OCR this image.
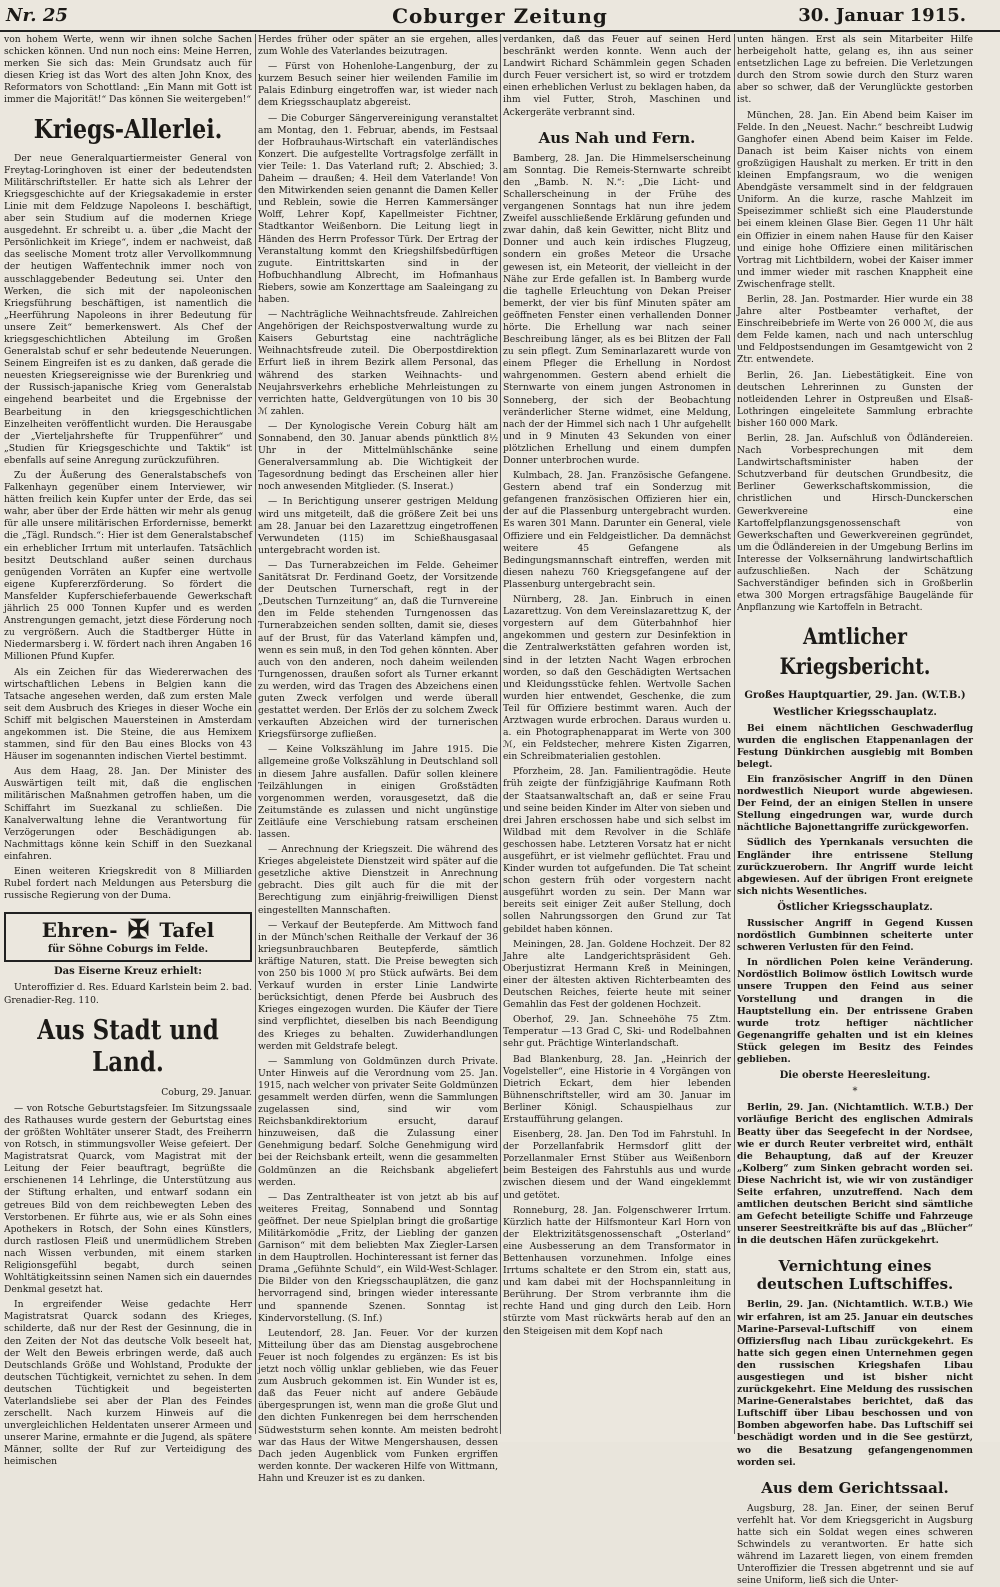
Nr. 25	Coburger Zeitung	30. Januar 1915.

von hohem Werte, wenn wir ihnen solche Sachen schicken können. Und nun noch eins: Meine Herren, merken Sie sich das: Mein Grundsatz auch für diesen Krieg ist das Wort des alten John Knox, des Reformators von Schottland: „Ein Mann mit Gott ist immer die Majorität!“ Das können Sie weitergeben!“

Kriegs-Allerlei.

Der neue Generalquartiermeister General von Freytag-Loringhoven ist einer der bedeutendsten Militärschriftsteller. Er hatte sich als Lehrer der Kriegsgeschichte auf der Kriegsakademie in erster Linie mit dem Feldzuge Napoleons I. beschäftigt, aber sein Studium auf die modernen Kriege ausgedehnt. Er schreibt u. a. über „die Macht der Persönlichkeit im Kriege“, indem er nachweist, daß das seelische Moment trotz aller Vervollkommnung der heutigen Waffentechnik immer noch von ausschlaggebender Bedeutung sei. Unter den Werken, die sich mit der napoleonischen Kriegsführung beschäftigen, ist namentlich die „Heerführung Napoleons in ihrer Bedeutung für unsere Zeit“ bemerkenswert. Als Chef der kriegsgeschichtlichen Abteilung im Großen Generalstab schuf er sehr bedeutende Neuerungen. Seinem Eingreifen ist es zu danken, daß gerade die neuesten Kriegsereignisse wie der Burenkrieg und der Russisch-japanische Krieg vom Generalstab eingehend bearbeitet und die Ergebnisse der Bearbeitung in den kriegsgeschichtlichen Einzelheiten veröffentlicht wurden. Die Herausgabe der „Vierteljahrshefte für Truppenführer“ und „Studien für Kriegsgeschichte und Taktik“ ist ebenfalls auf seine Anregung zurückzuführen.

Zu der Äußerung des Generalstabschefs von Falkenhayn gegenüber einem Interviewer, wir hätten freilich kein Kupfer unter der Erde, das sei wahr, aber über der Erde hätten wir mehr als genug für alle unsere militärischen Erfordernisse, bemerkt die „Tägl. Rundsch.“: Hier ist dem Generalstabschef ein erheblicher Irrtum mit unterlaufen. Tatsächlich besitzt Deutschland außer seinen durchaus genügenden Vorräten an Kupfer eine wertvolle eigene Kupfererzförderung. So fördert die Mansfelder Kupferschieferbauende Gewerkschaft jährlich 25 000 Tonnen Kupfer und es werden Anstrengungen gemacht, jetzt diese Förderung noch zu vergrößern. Auch die Stadtberger Hütte in Niedermarsberg i. W. fördert nach ihren Angaben 16 Millionen Pfund Kupfer.

Als ein Zeichen für das Wiedererwachen des wirtschaftlichen Lebens in Belgien kann die Tatsache angesehen werden, daß zum ersten Male seit dem Ausbruch des Krieges in dieser Woche ein Schiff mit belgischen Mauersteinen in Amsterdam angekommen ist. Die Steine, die aus Hemixem stammen, sind für den Bau eines Blocks von 43 Häuser im sogenannten indischen Viertel bestimmt.

Aus dem Haag, 28. Jan. Der Minister des Auswärtigen teilt mit, daß die englischen militärischen Maßnahmen getroffen haben, um die Schiffahrt im Suezkanal zu schließen. Die Kanalverwaltung lehne die Verantwortung für Verzögerungen oder Beschädigungen ab. Nachmittags könne kein Schiff in den Suezkanal einfahren.

Einen weiteren Kriegskredit von 8 Milliarden Rubel fordert nach Meldungen aus Petersburg die russische Regierung von der Duma.

Ehren- ✠ Tafel
für Söhne Coburgs im Felde.
Das Eiserne Kreuz erhielt:

Unteroffizier d. Res. Eduard Karlstein beim 2. bad. Grenadier-Reg. 110.

Aus Stadt und Land.
Coburg, 29. Januar.

— von Rotsche Geburtstagsfeier. Im Sitzungssaale des Rathauses wurde gestern der Geburtstag eines der größten Wohltäter unserer Stadt, des Freiherrn von Rotsch, in stimmungsvoller Weise gefeiert. Der Magistratsrat Quarck, vom Magistrat mit der Leitung der Feier beauftragt, begrüßte die erschienenen 14 Lehrlinge, die Unterstützung aus der Stiftung erhalten, und entwarf sodann ein getreues Bild von dem reichbewegten Leben des Verstorbenen. Er führte aus, wie er als Sohn eines Apothekers in Rotsch, der Sohn eines Künstlers, durch rastlosen Fleiß und unermüdlichem Streben nach Wissen verbunden, mit einem starken Religionsgefühl begabt, durch seinen Wohltätigkeitssinn seinen Namen sich ein dauerndes Denkmal gesetzt hat.

In ergreifender Weise gedachte Herr Magistratsrat Quarck sodann des Krieges, schilderte, daß nur der Rest der Gesinnung, die in den Zeiten der Not das deutsche Volk beseelt hat, der Welt den Beweis erbringen werde, daß auch Deutschlands Größe und Wohlstand, Produkte der deutschen Tüchtigkeit, vernichtet zu sehen. In dem deutschen Tüchtigkeit und begeisterten Vaterlandsliebe sei aber der Plan des Feindes zerschellt. Nach kurzem Hinweis auf die unvergleichlichen Heldentaten unserer Armeen und unserer Marine, ermahnte er die Jugend, als spätere Männer, sollte der Ruf zur Verteidigung des heimischen

Herdes früher oder später an sie ergehen, alles zum Wohle des Vaterlandes beizutragen.

— Fürst von Hohenlohe-Langenburg, der zu kurzem Besuch seiner hier weilenden Familie im Palais Edinburg eingetroffen war, ist wieder nach dem Kriegsschauplatz abgereist.

— Die Coburger Sängervereinigung veranstaltet am Montag, den 1. Februar, abends, im Festsaal der Hofbrauhaus-Wirtschaft ein vaterländisches Konzert. Die aufgestellte Vortragsfolge zerfällt in vier Teile: 1. Das Vaterland ruft; 2. Abschied; 3. Daheim — draußen; 4. Heil dem Vaterlande! Von den Mitwirkenden seien genannt die Damen Keller und Reblein, sowie die Herren Kammersänger Wolff, Lehrer Kopf, Kapellmeister Fichtner, Stadtkantor Weißenborn. Die Leitung liegt in Händen des Herrn Professor Türk. Der Ertrag der Veranstaltung kommt den Kriegshilfsbedürftigen zugute. Eintrittskarten sind in der Hofbuchhandlung Albrecht, im Hofmanhaus Riebers, sowie am Konzerttage am Saaleingang zu haben.

— Nachträgliche Weihnachtsfreude. Zahlreichen Angehörigen der Reichspostverwaltung wurde zu Kaisers Geburtstag eine nachträgliche Weihnachtsfreude zuteil. Die Oberpostdirektion Erfurt ließ in ihrem Bezirk allem Personal, das während des starken Weihnachts- und Neujahrsverkehrs erhebliche Mehrleistungen zu verrichten hatte, Geldvergütungen von 10 bis 30 ℳ zahlen.

— Der Kynologische Verein Coburg hält am Sonnabend, den 30. Januar abends pünktlich 8½ Uhr in der Mittelmühlschänke seine Generalversammlung ab. Die Wichtigkeit der Tagesordnung bedingt das Erscheinen aller hier noch anwesenden Mitglieder. (S. Inserat.)

— In Berichtigung unserer gestrigen Meldung wird uns mitgeteilt, daß die größere Zeit bei uns am 28. Januar bei den Lazarettzug eingetroffenen Verwundeten (115) im Schießhausgasaal untergebracht worden ist.

— Das Turnerabzeichen im Felde. Geheimer Sanitätsrat Dr. Ferdinand Goetz, der Vorsitzende der Deutschen Turnerschaft, regt in der „Deutschen Turnzeitung“ an, daß die Turnvereine den im Felde stehenden Turngenossen das Turnerabzeichen senden sollten, damit sie, dieses auf der Brust, für das Vaterland kämpfen und, wenn es sein muß, in den Tod gehen könnten. Aber auch von den anderen, noch daheim weilenden Turngenossen, draußen sofort als Turner erkannt zu werden, wird das Tragen des Abzeichens einen guten Zweck verfolgen und werde überall gestattet werden. Der Erlös der zu solchem Zweck verkauften Abzeichen wird der turnerischen Kriegsfürsorge zufließen.

— Keine Volkszählung im Jahre 1915. Die allgemeine große Volkszählung in Deutschland soll in diesem Jahre ausfallen. Dafür sollen kleinere Teilzählungen in einigen Großstädten vorgenommen werden, vorausgesetzt, daß die Zeitumstände es zulassen und nicht ungünstige Zeitläufe eine Verschiebung ratsam erscheinen lassen.

— Anrechnung der Kriegszeit. Die während des Krieges abgeleistete Dienstzeit wird später auf die gesetzliche aktive Dienstzeit in Anrechnung gebracht. Dies gilt auch für die mit der Berechtigung zum einjährig-freiwilligen Dienst eingestellten Mannschaften.

— Verkauf der Beutepferde. Am Mittwoch fand in der Münch'schen Reithalle der Verkauf der 36 kriegsunbrauchbaren Beutepferde, sämtlich kräftige Naturen, statt. Die Preise bewegten sich von 250 bis 1000 ℳ pro Stück aufwärts. Bei dem Verkauf wurden in erster Linie Landwirte berücksichtigt, denen Pferde bei Ausbruch des Krieges eingezogen wurden. Die Käufer der Tiere sind verpflichtet, dieselben bis nach Beendigung des Krieges zu behalten. Zuwiderhandlungen werden mit Geldstrafe belegt.

— Sammlung von Goldmünzen durch Private. Unter Hinweis auf die Verordnung vom 25. Jan. 1915, nach welcher von privater Seite Goldmünzen gesammelt werden dürfen, wenn die Sammlungen zugelassen sind, sind wir vom Reichsbankdirektorium ersucht, darauf hinzuweisen, daß die Zulassung einer Genehmigung bedarf. Solche Genehmigung wird bei der Reichsbank erteilt, wenn die gesammelten Goldmünzen an die Reichsbank abgeliefert werden.

— Das Zentraltheater ist von jetzt ab bis auf weiteres Freitag, Sonnabend und Sonntag geöffnet. Der neue Spielplan bringt die großartige Militärkomödie „Fritz, der Liebling der ganzen Garnison“ mit dem beliebten Max Ziegler-Larsen in dem Hauptrollen. Hochinteressant ist ferner das Drama „Gefühnte Schuld“, ein Wild-West-Schlager. Die Bilder von den Kriegsschauplätzen, die ganz hervorragend sind, bringen wieder interessante und spannende Szenen. Sonntag ist Kindervorstellung. (S. Inf.)

Leutendorf, 28. Jan. Feuer. Vor der kurzen Mitteilung über das am Dienstag ausgebrochene Feuer ist noch folgendes zu ergänzen: Es ist bis jetzt noch völlig unklar geblieben, wie das Feuer zum Ausbruch gekommen ist. Ein Wunder ist es, daß das Feuer nicht auf andere Gebäude übergesprungen ist, wenn man die große Glut und den dichten Funkenregen bei dem herrschenden Südweststurm sehen konnte. Am meisten bedroht war das Haus der Witwe Mengershausen, dessen Dach jeden Augenblick vom Funken ergriffen werden konnte. Der wackeren Hilfe von Wittmann, Hahn und Kreuzer ist es zu danken.

verdanken, daß das Feuer auf seinen Herd beschränkt werden konnte. Wenn auch der Landwirt Richard Schämmlein gegen Schaden durch Feuer versichert ist, so wird er trotzdem einen erheblichen Verlust zu beklagen haben, da ihm viel Futter, Stroh, Maschinen und Ackergeräte verbrannt sind.

Aus Nah und Fern.

Bamberg, 28. Jan. Die Himmelserscheinung am Sonntag. Die Remeis-Sternwarte schreibt den „Bamb. N. N.“: „Die Licht- und Schallerscheinung in der Frühe des vergangenen Sonntags hat nun ihre jedem Zweifel ausschließende Erklärung gefunden und zwar dahin, daß kein Gewitter, nicht Blitz und Donner und auch kein irdisches Flugzeug, sondern ein großes Meteor die Ursache gewesen ist, ein Meteorit, der vielleicht in der Nähe zur Erde gefallen ist. In Bamberg wurde die taghelle Erleuchtung von Dekan Preiser bemerkt, der vier bis fünf Minuten später am geöffneten Fenster einen verhallenden Donner hörte. Die Erhellung war nach seiner Beschreibung länger, als es bei Blitzen der Fall zu sein pflegt. Zum Seminarlazarett wurde von einem Pfleger die Erhellung in Nordost wahrgenommen. Gestern abend erhielt die Sternwarte von einem jungen Astronomen in Sonneberg, der sich der Beobachtung veränderlicher Sterne widmet, eine Meldung, nach der der Himmel sich nach 1 Uhr aufgehellt und in 9 Minuten 43 Sekunden von einer plötzlichen Erhellung und einem dumpfen Donner unterbrochen wurde.

Kulmbach, 28. Jan. Französische Gefangene. Gestern abend traf ein Sonderzug mit gefangenen französischen Offizieren hier ein, der auf die Plassenburg untergebracht wurden. Es waren 301 Mann. Darunter ein General, viele Offiziere und ein Feldgeistlicher. Da demnächst weitere 45 Gefangene als Bedingungsmannschaft eintreffen, werden mit diesen nahezu 760 Kriegsgefangene auf der Plassenburg untergebracht sein.

Nürnberg, 28. Jan. Einbruch in einen Lazarettzug. Von dem Vereinslazarettzug K, der vorgestern auf dem Güterbahnhof hier angekommen und gestern zur Desinfektion in die Zentralwerkstätten gefahren worden ist, sind in der letzten Nacht Wagen erbrochen worden, so daß den Geschädigten Wertsachen und Kleidungsstücke fehlen. Wertvolle Sachen wurden hier entwendet, Geschenke, die zum Teil für Offiziere bestimmt waren. Auch der Arztwagen wurde erbrochen. Daraus wurden u. a. ein Photographenapparat im Werte von 300 ℳ, ein Feldstecher, mehrere Kisten Zigarren, ein Schreibmaterialien gestohlen.

Pforzheim, 28. Jan. Familientragödie. Heute früh zeigte der fünfzigjährige Kaufmann Roth der Staatsanwaltschaft an, daß er seine Frau und seine beiden Kinder im Alter von sieben und drei Jahren erschossen habe und sich selbst im Wildbad mit dem Revolver in die Schläfe geschossen habe. Letzteren Vorsatz hat er nicht ausgeführt, er ist vielmehr geflüchtet. Frau und Kinder wurden tot aufgefunden. Die Tat scheint schon gestern früh oder vorgestern nacht ausgeführt worden zu sein. Der Mann war bereits seit einiger Zeit außer Stellung, doch sollen Nahrungssorgen den Grund zur Tat gebildet haben können.

Meiningen, 28. Jan. Goldene Hochzeit. Der 82 Jahre alte Landgerichtspräsident Geh. Oberjustizrat Hermann Kreß in Meiningen, einer der ältesten aktiven Richterbeamten des Deutschen Reiches, feierte heute mit seiner Gemahlin das Fest der goldenen Hochzeit.

Oberhof, 29. Jan. Schneehöhe 75 Ztm. Temperatur —13 Grad C, Ski- und Rodelbahnen sehr gut. Prächtige Winterlandschaft.

Bad Blankenburg, 28. Jan. „Heinrich der Vogelsteller“, eine Historie in 4 Vorgängen von Dietrich Eckart, dem hier lebenden Bühnenschriftsteller, wird am 30. Januar im Berliner Königl. Schauspielhaus zur Erstaufführung gelangen.

Eisenberg, 28. Jan. Den Tod im Fahrstuhl. In der Porzellanfabrik Hermsdorf glitt der Porzellanmaler Ernst Stüber aus Weißenborn beim Besteigen des Fahrstuhls aus und wurde zwischen diesem und der Wand eingeklemmt und getötet.

Ronneburg, 28. Jan. Folgenschwerer Irrtum. Kürzlich hatte der Hilfsmonteur Karl Horn von der Elektrizitätsgenossenschaft „Osterland“ eine Ausbesserung an dem Transformator in Bettenhausen vorzunehmen. Infolge eines Irrtums schaltete er den Strom ein, statt aus, und kam dabei mit der Hochspannleitung in Berührung. Der Strom verbrannte ihm die rechte Hand und ging durch den Leib. Horn stürzte vom Mast rückwärts herab auf den an den Steigeisen mit dem Kopf nach

unten hängen. Erst als sein Mitarbeiter Hilfe herbeigeholt hatte, gelang es, ihn aus seiner entsetzlichen Lage zu befreien. Die Verletzungen durch den Strom sowie durch den Sturz waren aber so schwer, daß der Verunglückte gestorben ist.

München, 28. Jan. Ein Abend beim Kaiser im Felde. In den „Neuest. Nachr.“ beschreibt Ludwig Ganghofer einen Abend beim Kaiser im Felde. Danach ist beim Kaiser nichts von einem großzügigen Haushalt zu merken. Er tritt in den kleinen Empfangsraum, wo die wenigen Abendgäste versammelt sind in der feldgrauen Uniform. An die kurze, rasche Mahlzeit im Speisezimmer schließt sich eine Plauderstunde bei einem kleinen Glase Bier. Gegen 11 Uhr hält ein Offizier in einem nahen Hause für den Kaiser und einige hohe Offiziere einen militärischen Vortrag mit Lichtbildern, wobei der Kaiser immer und immer wieder mit raschen Knappheit eine Zwischenfrage stellt.

Berlin, 28. Jan. Postmarder. Hier wurde ein 38 Jahre alter Postbeamter verhaftet, der Einschreibebriefe im Werte von 26 000 ℳ, die aus dem Felde kamen, nach und nach unterschlug und Feldpostsendungen im Gesamtgewicht von 2 Ztr. entwendete.

Berlin, 26. Jan. Liebestätigkeit. Eine von deutschen Lehrerinnen zu Gunsten der notleidenden Lehrer in Ostpreußen und Elsaß-Lothringen eingeleitete Sammlung erbrachte bisher 160 000 Mark.

Berlin, 28. Jan. Aufschluß von Ödländereien. Nach Vorbesprechungen mit dem Landwirtschaftsminister haben der Schutzverband für deutschen Grundbesitz, die Berliner Gewerkschaftskommission, die christlichen und Hirsch-Dunckerschen Gewerkvereine eine Kartoffelpflanzungsgenossenschaft von Gewerkschaften und Gewerkvereinen gegründet, um die Ödländereien in der Umgebung Berlins im Interesse der Volksernährung landwirtschaftlich aufzuschließen. Nach der Schätzung Sachverständiger befinden sich in Großberlin etwa 300 Morgen ertragsfähige Baugelände für Anpflanzung wie Kartoffeln in Betracht.

Amtlicher Kriegsbericht.
Großes Hauptquartier, 29. Jan. (W.T.B.)
Westlicher Kriegsschauplatz.

Bei einem nächtlichen Geschwaderflug wurden die englischen Etappenanlagen der Festung Dünkirchen ausgiebig mit Bomben belegt.

Ein französischer Angriff in den Dünen nordwestlich Nieuport wurde abgewiesen. Der Feind, der an einigen Stellen in unsere Stellung eingedrungen war, wurde durch nächtliche Bajonettangriffe zurückgeworfen.

Südlich des Ypernkanals versuchten die Engländer ihre entrissene Stellung zurückzuerobern. Ihr Angriff wurde leicht abgewiesen. Auf der übrigen Front ereignete sich nichts Wesentliches.

Östlicher Kriegsschauplatz.

Russischer Angriff in Gegend Kussen nordöstlich Gumbinnen scheiterte unter schweren Verlusten für den Feind.

In nördlichen Polen keine Veränderung. Nordöstlich Bolimow östlich Lowitsch wurde unsere Truppen den Feind aus seiner Vorstellung und drangen in die Hauptstellung ein. Der entrissene Graben wurde trotz heftiger nächtlicher Gegenangriffe gehalten und ist ein kleines Stück gelegen im Besitz des Feindes geblieben.

Die oberste Heeresleitung.
*

Berlin, 29. Jan. (Nichtamtlich. W.T.B.) Der vorläufige Bericht des englischen Admirals Beatty über das Seegefecht in der Nordsee, wie er durch Reuter verbreitet wird, enthält die Behauptung, daß auf der Kreuzer „Kolberg“ zum Sinken gebracht worden sei. Diese Nachricht ist, wie wir von zuständiger Seite erfahren, unzutreffend. Nach dem amtlichen deutschen Bericht sind sämtliche am Gefecht beteiligte Schiffe und Fahrzeuge unserer Seestreitkräfte bis auf das „Blücher“ in die deutschen Häfen zurückgekehrt.

Vernichtung eines deutschen Luftschiffes.

Berlin, 29. Jan. (Nichtamtlich. W.T.B.) Wie wir erfahren, ist am 25. Januar ein deutsches Marine-Parseval-Luftschiff von einem Offiziersflug nach Libau zurückgekehrt. Es hatte sich gegen einen Unternehmen gegen den russischen Kriegshafen Libau ausgestiegen und ist bisher nicht zurückgekehrt. Eine Meldung des russischen Marine-Generalstabes berichtet, daß das Luftschiff über Libau beschossen und von Bomben abgeworfen habe. Das Luftschiff sei beschädigt worden und in die See gestürzt, wo die Besatzung gefangengenommen worden sei.

Aus dem Gerichtssaal.

Augsburg, 28. Jan. Einer, der seinen Beruf verfehlt hat. Vor dem Kriegsgericht in Augsburg hatte sich ein Soldat wegen eines schweren Schwindels zu verantworten. Er hatte sich während im Lazarett liegen, von einem fremden Unteroffizier die Tressen abgetrennt und sie auf seine Uniform, ließ sich die Unter-
